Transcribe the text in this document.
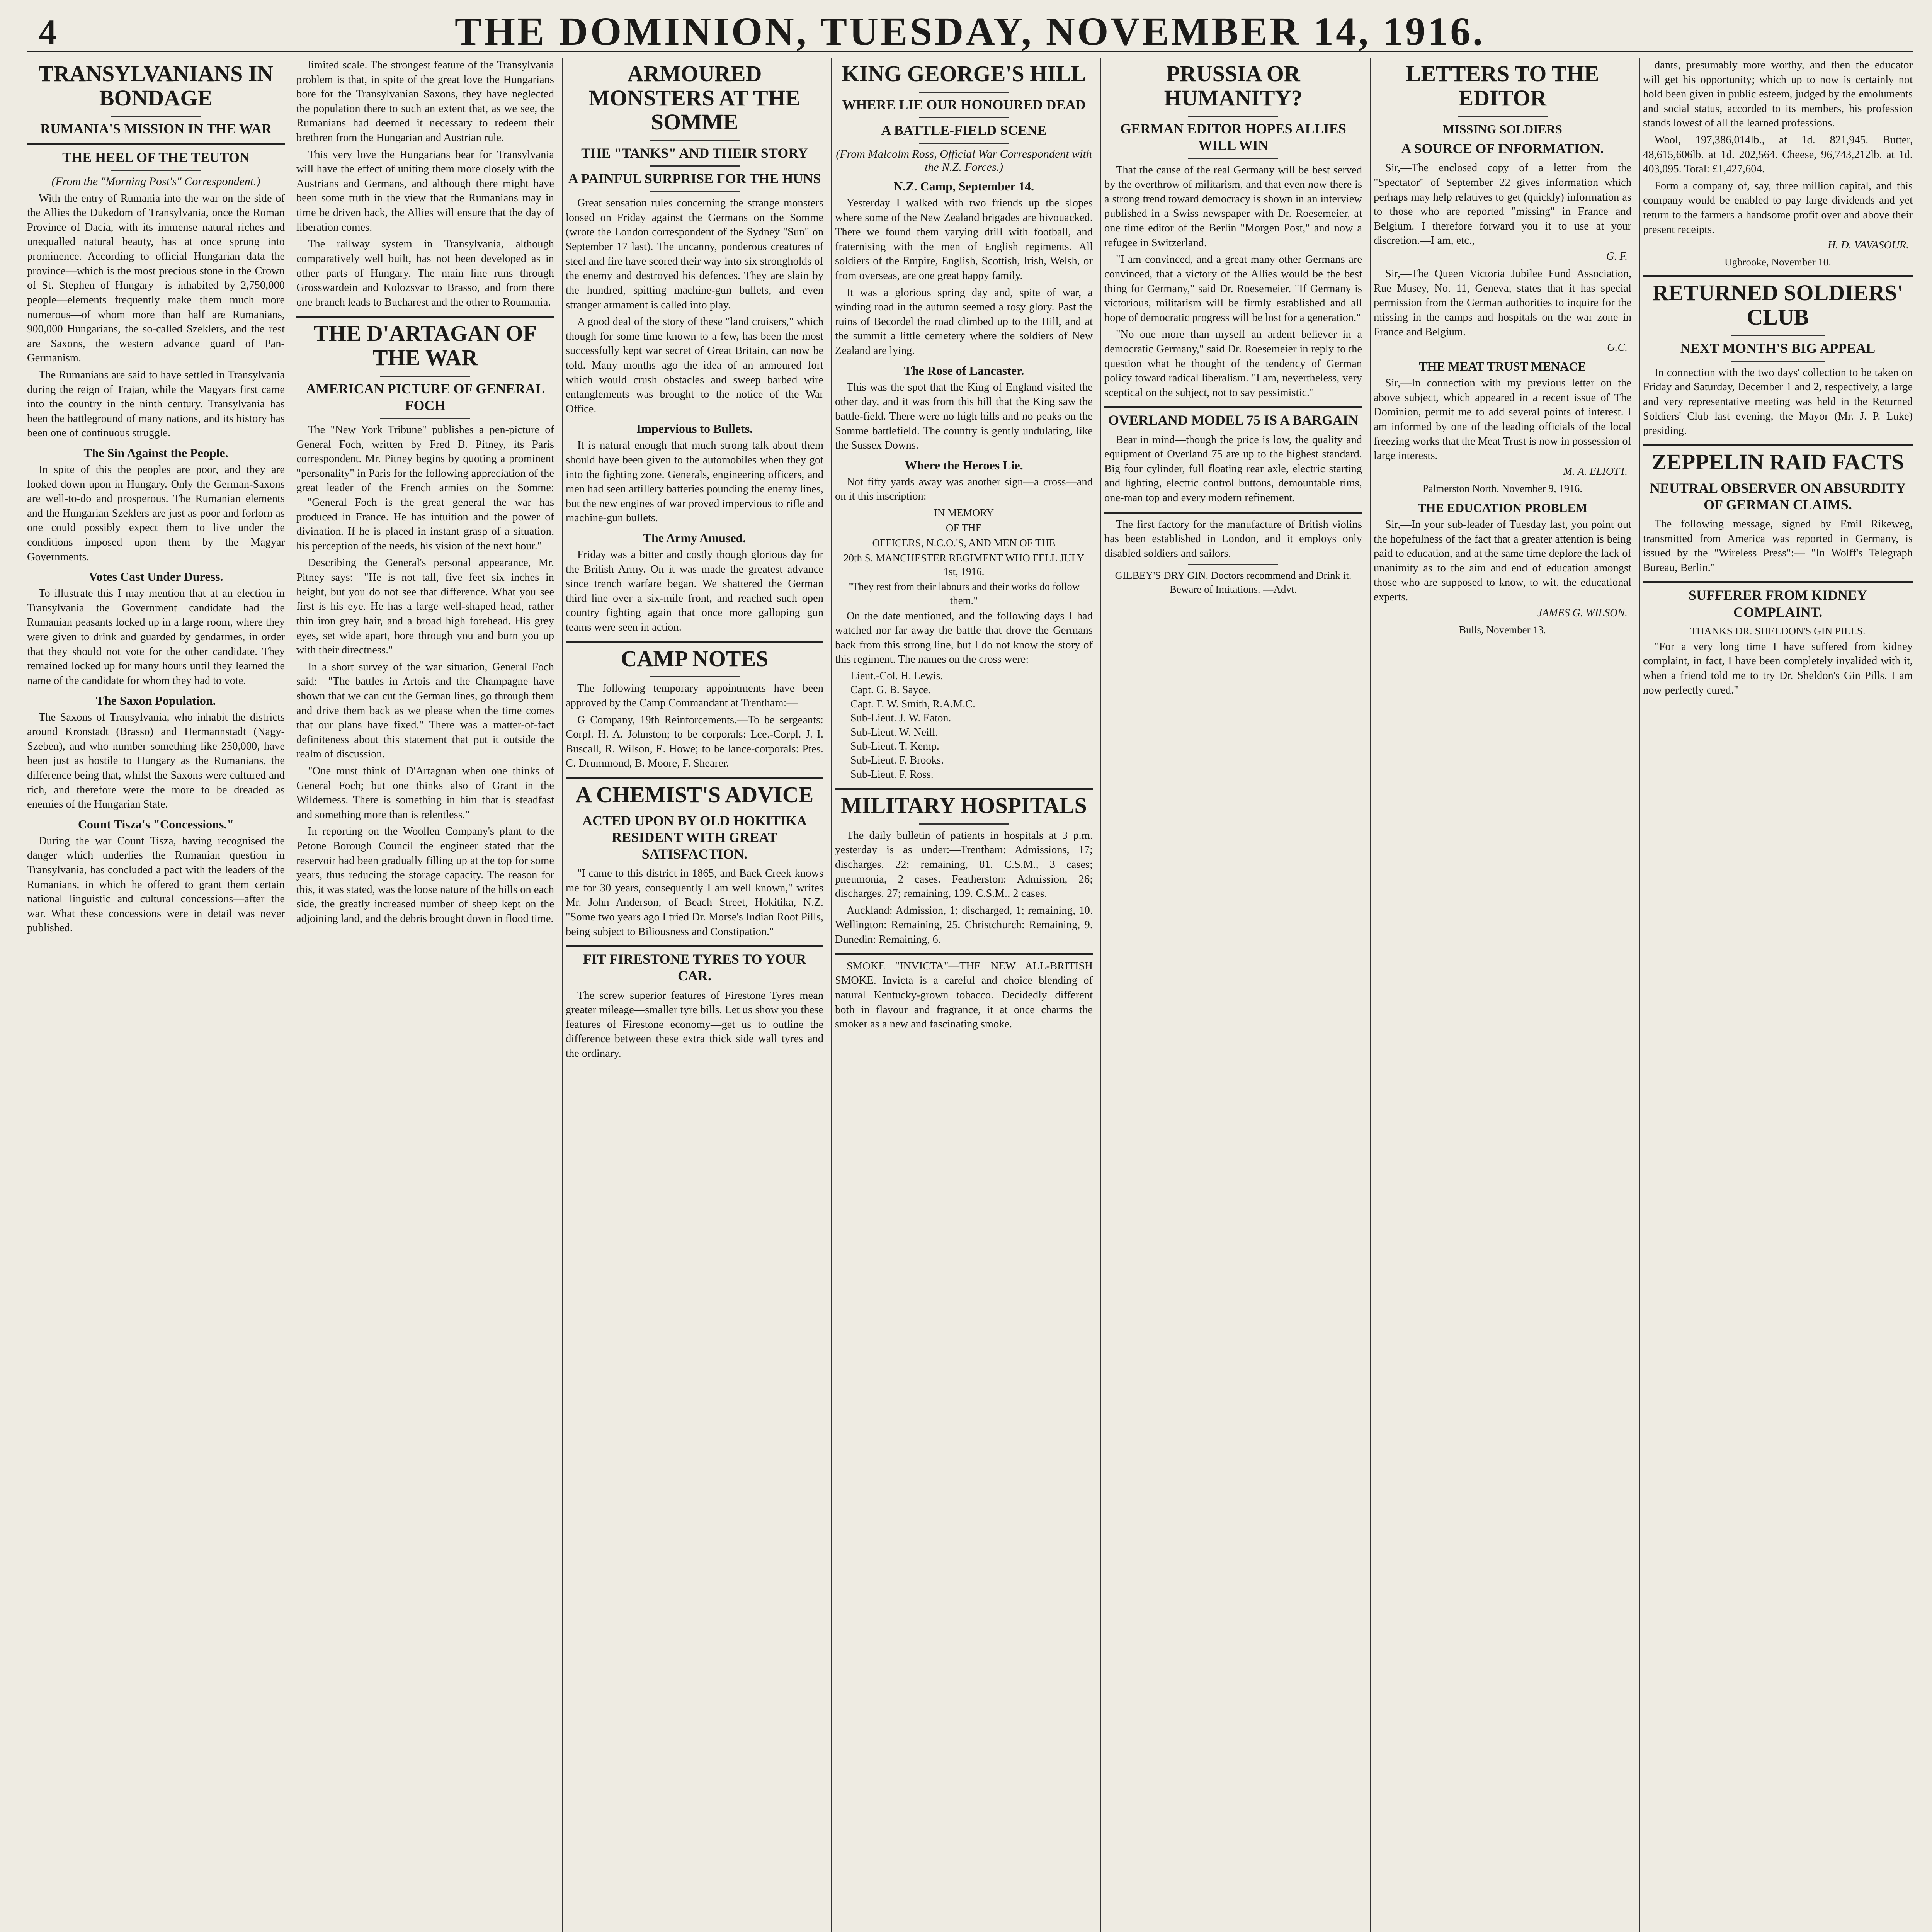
4	THE DOMINION, TUESDAY, NOVEMBER 14, 1916.
TRANSYLVANIANS IN BONDAGE
RUMANIA'S MISSION IN THE WAR
THE HEEL OF THE TEUTON
(From the "Morning Post's" Correspondent.)

With the entry of Rumania into the war on the side of the Allies the Dukedom of Transylvania, once the Roman Province of Dacia, with its immense natural riches and unequalled natural beauty, has at once sprung into prominence. According to official Hungarian data the province—which is the most precious stone in the Crown of St. Stephen of Hungary—is inhabited by 2,750,000 people—elements frequently make them much more numerous—of whom more than half are Rumanians, 900,000 Hungarians, the so-called Szeklers, and the rest are Saxons, the western advance guard of Pan-Germanism.

The Rumanians are said to have settled in Transylvania during the reign of Trajan, while the Magyars first came into the country in the ninth century. Transylvania has been the battleground of many nations, and its history has been one of continuous struggle.

The Sin Against the People.

In spite of this the peoples are poor, and they are looked down upon in Hungary. Only the German-Saxons are well-to-do and prosperous. The Rumanian elements and the Hungarian Szeklers are just as poor and forlorn as one could possibly expect them to live under the conditions imposed upon them by the Magyar Governments.

Votes Cast Under Duress.

To illustrate this I may mention that at an election in Transylvania the Government candidate had the Rumanian peasants locked up in a large room, where they were given to drink and guarded by gendarmes, in order that they should not vote for the other candidate. They remained locked up for many hours until they learned the name of the candidate for whom they had to vote.

The Saxon Population.

The Saxons of Transylvania, who inhabit the districts around Kronstadt (Brasso) and Hermannstadt (Nagy-Szeben), and who number something like 250,000, have been just as hostile to Hungary as the Rumanians, the difference being that, whilst the Saxons were cultured and rich, and therefore were the more to be dreaded as enemies of the Hungarian State.

Count Tisza's "Concessions."

During the war Count Tisza, having recognised the danger which underlies the Rumanian question in Transylvania, has concluded a pact with the leaders of the Rumanians, in which he offered to grant them certain national linguistic and cultural concessions—after the war. What these concessions were in detail was never published.

limited scale. The strongest feature of the Transylvania problem is that, in spite of the great love the Hungarians bore for the Transylvanian Saxons, they have neglected the population there to such an extent that, as we see, the Rumanians had deemed it necessary to redeem their brethren from the Hungarian and Austrian rule.

This very love the Hungarians bear for Transylvania will have the effect of uniting them more closely with the Austrians and Germans, and although there might have been some truth in the view that the Rumanians may in time be driven back, the Allies will ensure that the day of liberation comes.

The railway system in Transylvania, although comparatively well built, has not been developed as in other parts of Hungary. The main line runs through Grosswardein and Kolozsvar to Brasso, and from there one branch leads to Bucharest and the other to Roumania.

THE D'ARTAGAN OF THE WAR
AMERICAN PICTURE OF GENERAL FOCH

The "New York Tribune" publishes a pen-picture of General Foch, written by Fred B. Pitney, its Paris correspondent. Mr. Pitney begins by quoting a prominent "personality" in Paris for the following appreciation of the great leader of the French armies on the Somme:—"General Foch is the great general the war has produced in France. He has intuition and the power of divination. If he is placed in instant grasp of a situation, his perception of the needs, his vision of the next hour."

Describing the General's personal appearance, Mr. Pitney says:—"He is not tall, five feet six inches in height, but you do not see that difference. What you see first is his eye. He has a large well-shaped head, rather thin iron grey hair, and a broad high forehead. His grey eyes, set wide apart, bore through you and burn you up with their directness."

In a short survey of the war situation, General Foch said:—"The battles in Artois and the Champagne have shown that we can cut the German lines, go through them and drive them back as we please when the time comes that our plans have fixed." There was a matter-of-fact definiteness about this statement that put it outside the realm of discussion.

"One must think of D'Artagnan when one thinks of General Foch; but one thinks also of Grant in the Wilderness. There is something in him that is steadfast and something more than is relentless."

In reporting on the Woollen Company's plant to the Petone Borough Council the engineer stated that the reservoir had been gradually filling up at the top for some years, thus reducing the storage capacity. The reason for this, it was stated, was the loose nature of the hills on each side, the greatly increased number of sheep kept on the adjoining land, and the debris brought down in flood time.

ARMOURED MONSTERS AT THE SOMME
THE "TANKS" AND THEIR STORY
A PAINFUL SURPRISE FOR THE HUNS

Great sensation rules concerning the strange monsters loosed on Friday against the Germans on the Somme (wrote the London correspondent of the Sydney "Sun" on September 17 last). The uncanny, ponderous creatures of steel and fire have scored their way into six strongholds of the enemy and destroyed his defences. They are slain by the hundred, spitting machine-gun bullets, and even stranger armament is called into play.

A good deal of the story of these "land cruisers," which though for some time known to a few, has been the most successfully kept war secret of Great Britain, can now be told. Many months ago the idea of an armoured fort which would crush obstacles and sweep barbed wire entanglements was brought to the notice of the War Office.

Impervious to Bullets.

It is natural enough that much strong talk about them should have been given to the automobiles when they got into the fighting zone. Generals, engineering officers, and men had seen artillery batteries pounding the enemy lines, but the new engines of war proved impervious to rifle and machine-gun bullets.

The Army Amused.

Friday was a bitter and costly though glorious day for the British Army. On it was made the greatest advance since trench warfare began. We shattered the German third line over a six-mile front, and reached such open country fighting again that once more galloping gun teams were seen in action.

CAMP NOTES

The following temporary appointments have been approved by the Camp Commandant at Trentham:—

G Company, 19th Reinforcements.—To be sergeants: Corpl. H. A. Johnston; to be corporals: Lce.-Corpl. J. I. Buscall, R. Wilson, E. Howe; to be lance-corporals: Ptes. C. Drummond, B. Moore, F. Shearer.

A CHEMIST'S ADVICE
ACTED UPON BY OLD HOKITIKA RESIDENT WITH GREAT SATISFACTION.

"I came to this district in 1865, and Back Creek knows me for 30 years, consequently I am well known," writes Mr. John Anderson, of Beach Street, Hokitika, N.Z. "Some two years ago I tried Dr. Morse's Indian Root Pills, being subject to Biliousness and Constipation."

FIT FIRESTONE TYRES TO YOUR CAR.

The screw superior features of Firestone Tyres mean greater mileage—smaller tyre bills. Let us show you these features of Firestone economy—get us to outline the difference between these extra thick side wall tyres and the ordinary.

KING GEORGE'S HILL
WHERE LIE OUR HONOURED DEAD
A BATTLE-FIELD SCENE
(From Malcolm Ross, Official War Correspondent with the N.Z. Forces.)
N.Z. Camp, September 14.

Yesterday I walked with two friends up the slopes where some of the New Zealand brigades are bivouacked. There we found them varying drill with football, and fraternising with the men of English regiments. All soldiers of the Empire, English, Scottish, Irish, Welsh, or from overseas, are one great happy family.

It was a glorious spring day and, spite of war, a winding road in the autumn seemed a rosy glory. Past the ruins of Becordel the road climbed up to the Hill, and at the summit a little cemetery where the soldiers of New Zealand are lying.

The Rose of Lancaster.

This was the spot that the King of England visited the other day, and it was from this hill that the King saw the battle-field. There were no high hills and no peaks on the Somme battlefield. The country is gently undulating, like the Sussex Downs.

Where the Heroes Lie.

Not fifty yards away was another sign—a cross—and on it this inscription:—

IN MEMORY
OF THE
OFFICERS, N.C.O.'S, AND MEN OF THE
20th S. MANCHESTER REGIMENT WHO FELL JULY 1st, 1916.
"They rest from their labours and their works do follow them."

On the date mentioned, and the following days I had watched nor far away the battle that drove the Germans back from this strong line, but I do not know the story of this regiment. The names on the cross were:—

Lieut.-Col. H. Lewis.
Capt. G. B. Sayce.
Capt. F. W. Smith, R.A.M.C.
Sub-Lieut. J. W. Eaton.
Sub-Lieut. W. Neill.
Sub-Lieut. T. Kemp.
Sub-Lieut. F. Brooks.
Sub-Lieut. F. Ross.
MILITARY HOSPITALS

The daily bulletin of patients in hospitals at 3 p.m. yesterday is as under:—Trentham: Admissions, 17; discharges, 22; remaining, 81. C.S.M., 3 cases; pneumonia, 2 cases. Featherston: Admission, 26; discharges, 27; remaining, 139. C.S.M., 2 cases.

Auckland: Admission, 1; discharged, 1; remaining, 10. Wellington: Remaining, 25. Christchurch: Remaining, 9. Dunedin: Remaining, 6.

SMOKE "INVICTA"—THE NEW ALL-BRITISH SMOKE. Invicta is a careful and choice blending of natural Kentucky-grown tobacco. Decidedly different both in flavour and fragrance, it at once charms the smoker as a new and fascinating smoke.

PRUSSIA OR HUMANITY?
GERMAN EDITOR HOPES ALLIES WILL WIN

That the cause of the real Germany will be best served by the overthrow of militarism, and that even now there is a strong trend toward democracy is shown in an interview published in a Swiss newspaper with Dr. Roesemeier, at one time editor of the Berlin "Morgen Post," and now a refugee in Switzerland.

"I am convinced, and a great many other Germans are convinced, that a victory of the Allies would be the best thing for Germany," said Dr. Roesemeier. "If Germany is victorious, militarism will be firmly established and all hope of democratic progress will be lost for a generation."

"No one more than myself an ardent believer in a democratic Germany," said Dr. Roesemeier in reply to the question what he thought of the tendency of German policy toward radical liberalism. "I am, nevertheless, very sceptical on the subject, not to say pessimistic."

OVERLAND MODEL 75 IS A BARGAIN

Bear in mind—though the price is low, the quality and equipment of Overland 75 are up to the highest standard. Big four cylinder, full floating rear axle, electric starting and lighting, electric control buttons, demountable rims, one-man top and every modern refinement.

The first factory for the manufacture of British violins has been established in London, and it employs only disabled soldiers and sailors.

GILBEY'S DRY GIN. Doctors recommend and Drink it. Beware of Imitations. —Advt.
LETTERS TO THE EDITOR
MISSING SOLDIERS
A SOURCE OF INFORMATION.

Sir,—The enclosed copy of a letter from the "Spectator" of September 22 gives information which perhaps may help relatives to get (quickly) information as to those who are reported "missing" in France and Belgium. I therefore forward you it to use at your discretion.—I am, etc.,

G. F.

Sir,—The Queen Victoria Jubilee Fund Association, Rue Musey, No. 11, Geneva, states that it has special permission from the German authorities to inquire for the missing in the camps and hospitals on the war zone in France and Belgium.

G.C.
THE MEAT TRUST MENACE

Sir,—In connection with my previous letter on the above subject, which appeared in a recent issue of The Dominion, permit me to add several points of interest. I am informed by one of the leading officials of the local freezing works that the Meat Trust is now in possession of large interests.

M. A. ELIOTT.
Palmerston North, November 9, 1916.
THE EDUCATION PROBLEM

Sir,—In your sub-leader of Tuesday last, you point out the hopefulness of the fact that a greater attention is being paid to education, and at the same time deplore the lack of unanimity as to the aim and end of education amongst those who are supposed to know, to wit, the educational experts.

JAMES G. WILSON.
Bulls, November 13.

dants, presumably more worthy, and then the educator will get his opportunity; which up to now is certainly not hold been given in public esteem, judged by the emoluments and social status, accorded to its members, his profession stands lowest of all the learned professions.

Wool, 197,386,014lb., at 1d. 821,945. Butter, 48,615,606lb. at 1d. 202,564. Cheese, 96,743,212lb. at 1d. 403,095. Total: £1,427,604.

Form a company of, say, three million capital, and this company would be enabled to pay large dividends and yet return to the farmers a handsome profit over and above their present receipts.

H. D. VAVASOUR.
Ugbrooke, November 10.
RETURNED SOLDIERS' CLUB
NEXT MONTH'S BIG APPEAL

In connection with the two days' collection to be taken on Friday and Saturday, December 1 and 2, respectively, a large and very representative meeting was held in the Returned Soldiers' Club last evening, the Mayor (Mr. J. P. Luke) presiding.

ZEPPELIN RAID FACTS
NEUTRAL OBSERVER ON ABSURDITY OF GERMAN CLAIMS.

The following message, signed by Emil Rikeweg, transmitted from America was reported in Germany, is issued by the "Wireless Press":— "In Wolff's Telegraph Bureau, Berlin."

SUFFERER FROM KIDNEY COMPLAINT.
THANKS DR. SHELDON'S GIN PILLS.

"For a very long time I have suffered from kidney complaint, in fact, I have been completely invalided with it, when a friend told me to try Dr. Sheldon's Gin Pills. I am now perfectly cured."
